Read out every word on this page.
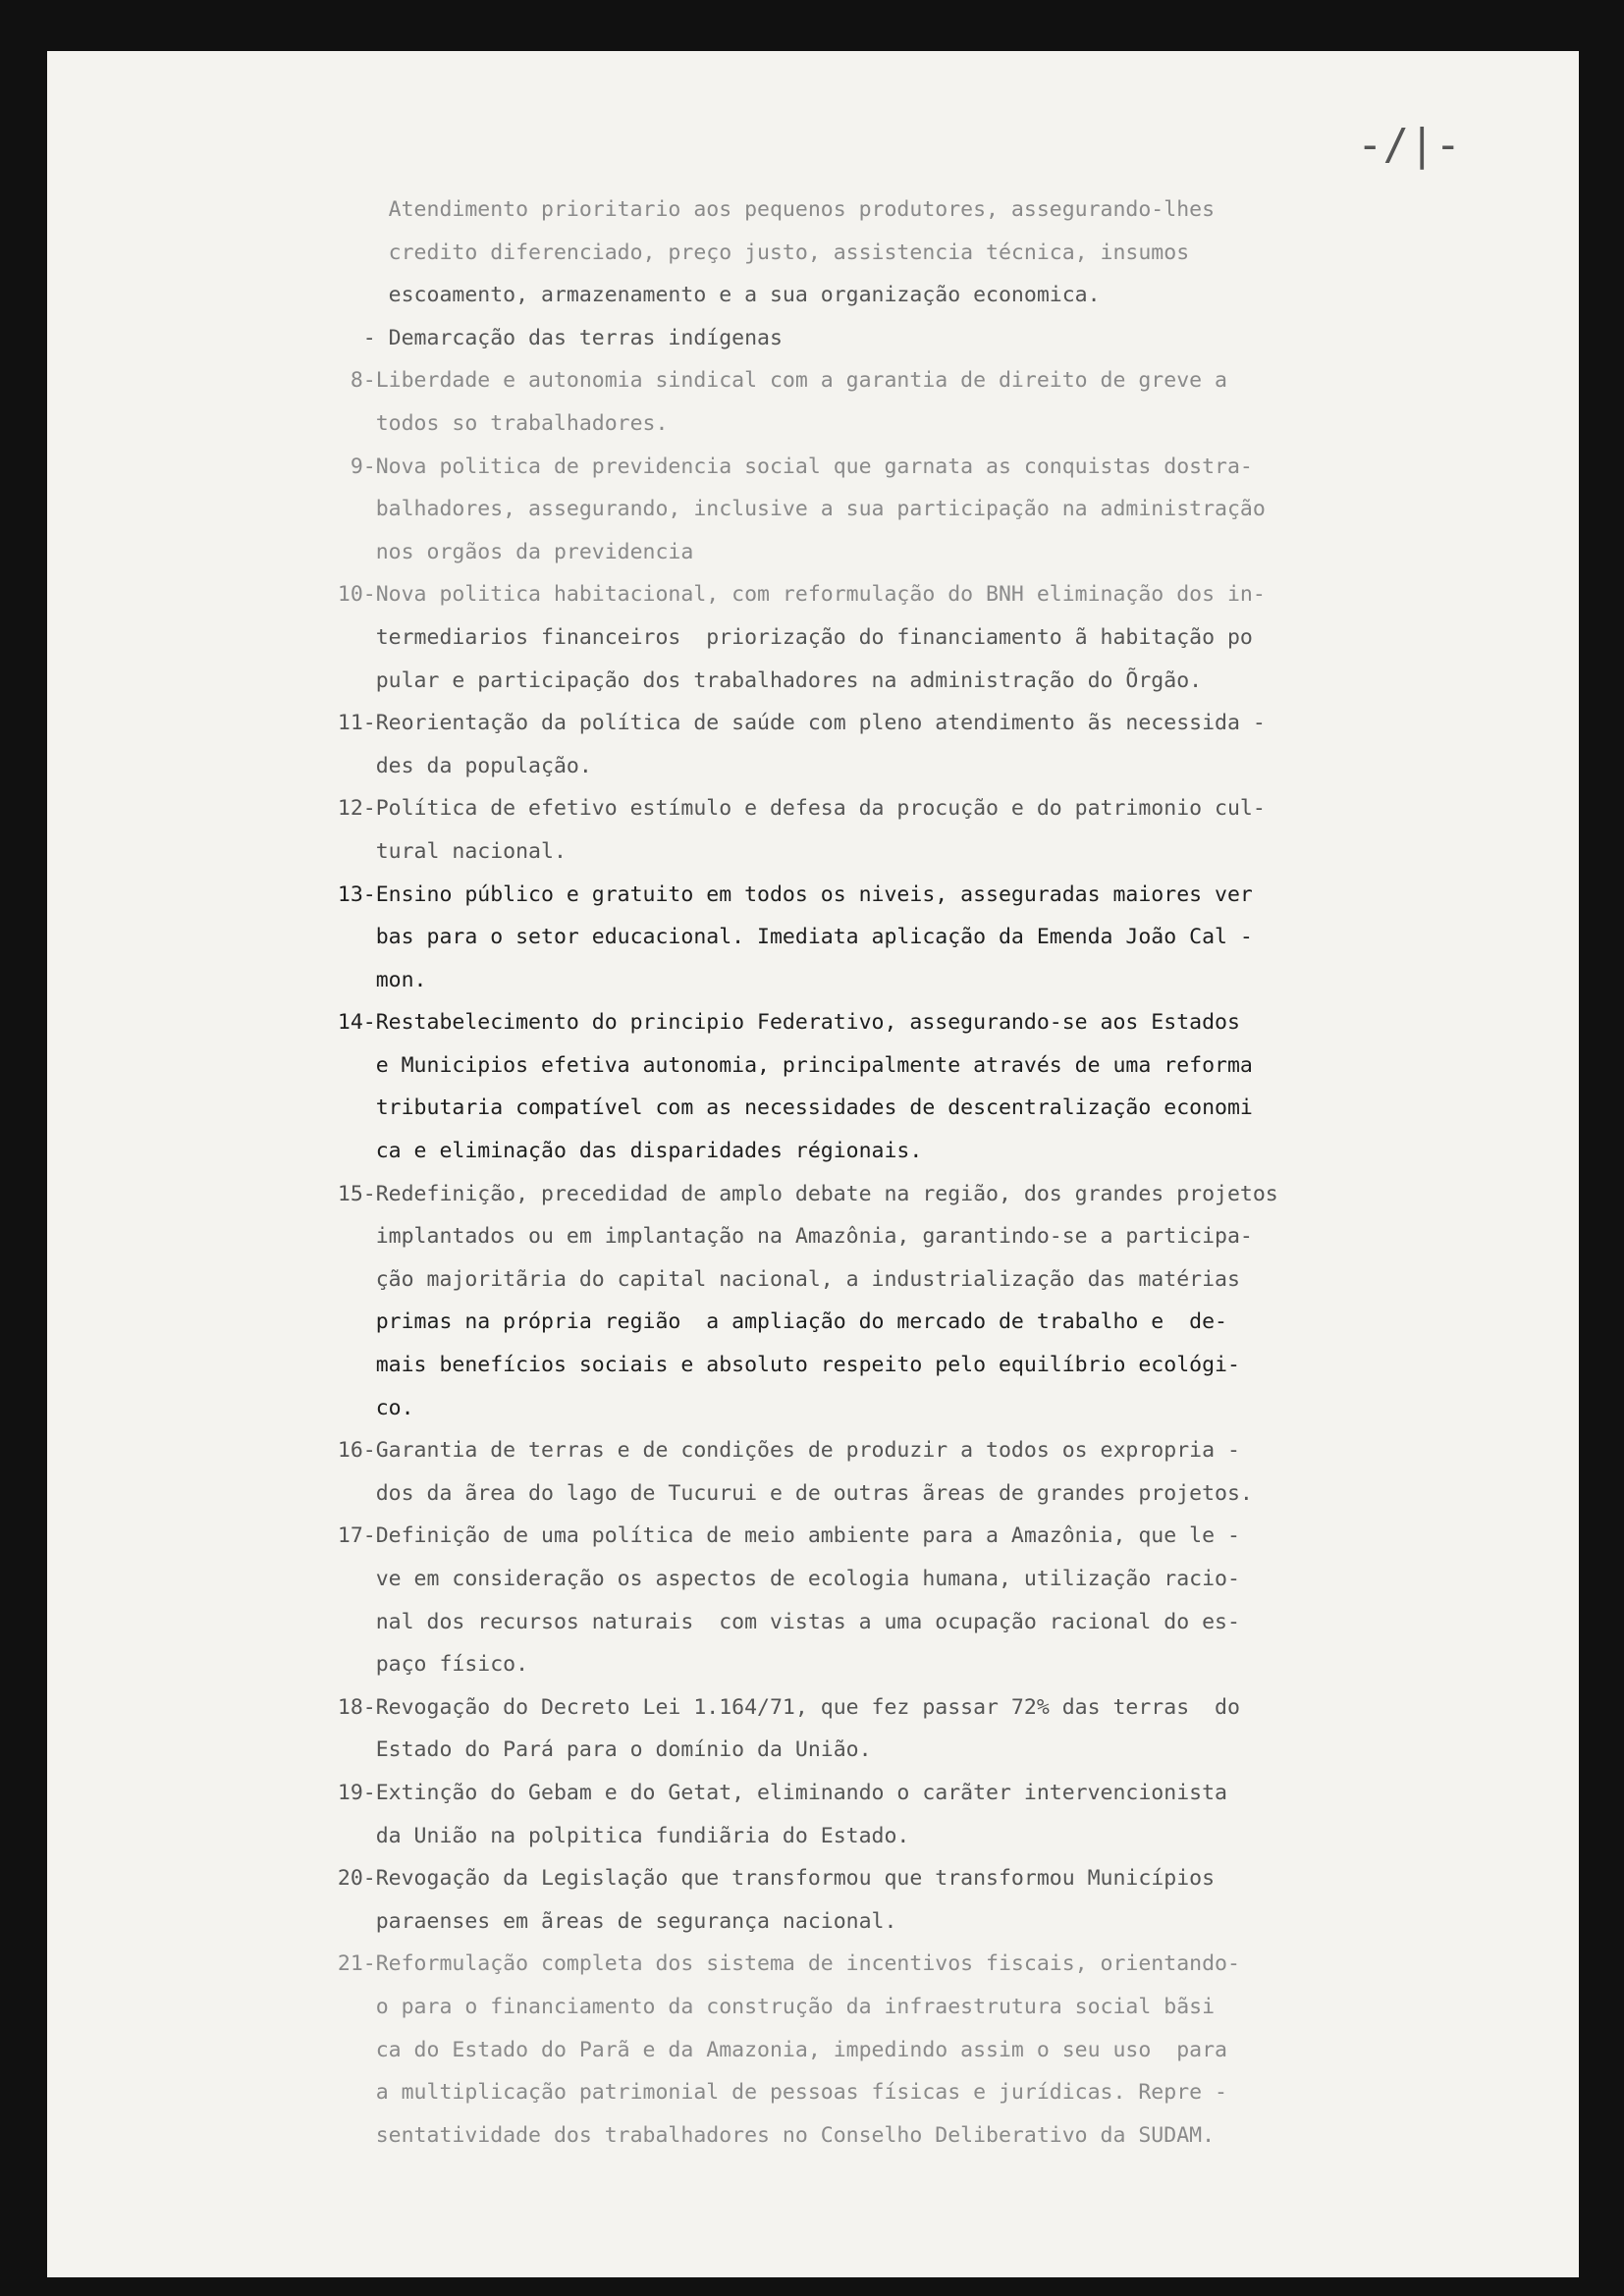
-/|-
Atendimento prioritario aos pequenos produtores, assegurando-lhes
credito diferenciado, preço justo, assistencia técnica, insumos
escoamento, armazenamento e a sua organização economica.
- Demarcação das terras indígenas
8-Liberdade e autonomia sindical com a garantia de direito de greve a
todos so trabalhadores.
9-Nova politica de previdencia social que garnata as conquistas dostra-
balhadores, assegurando, inclusive a sua participação na administração
nos orgãos da previdencia
10-Nova politica habitacional, com reformulação do BNH eliminação dos in-
termediarios financeiros  priorização do financiamento ã habitação po
pular e participação dos trabalhadores na administração do Õrgão.
11-Reorientação da política de saúde com pleno atendimento ãs necessida -
des da população.
12-Política de efetivo estímulo e defesa da procução e do patrimonio cul-
tural nacional.
13-Ensino público e gratuito em todos os niveis, asseguradas maiores ver
bas para o setor educacional. Imediata aplicação da Emenda João Cal -
mon.
14-Restabelecimento do principio Federativo, assegurando-se aos Estados
e Municipios efetiva autonomia, principalmente através de uma reforma
tributaria compatível com as necessidades de descentralização economi
ca e eliminação das disparidades régionais.
15-Redefinição, precedidad de amplo debate na região, dos grandes projetos
implantados ou em implantação na Amazônia, garantindo-se a participa-
ção majoritãria do capital nacional, a industrialização das matérias
primas na própria região  a ampliação do mercado de trabalho e  de-
mais benefícios sociais e absoluto respeito pelo equilíbrio ecológi-
co.
16-Garantia de terras e de condições de produzir a todos os expropria -
dos da ãrea do lago de Tucurui e de outras ãreas de grandes projetos.
17-Definição de uma política de meio ambiente para a Amazônia, que le -
ve em consideração os aspectos de ecologia humana, utilização racio-
nal dos recursos naturais  com vistas a uma ocupação racional do es-
paço físico.
18-Revogação do Decreto Lei 1.164/71, que fez passar 72% das terras  do
Estado do Pará para o domínio da União.
19-Extinção do Gebam e do Getat, eliminando o carãter intervencionista
da União na polpitica fundiãria do Estado.
20-Revogação da Legislação que transformou que transformou Municípios
paraenses em ãreas de segurança nacional.
21-Reformulação completa dos sistema de incentivos fiscais, orientando-
o para o financiamento da construção da infraestrutura social bãsi
ca do Estado do Parã e da Amazonia, impedindo assim o seu uso  para
a multiplicação patrimonial de pessoas físicas e jurídicas. Repre -
sentatividade dos trabalhadores no Conselho Deliberativo da SUDAM.
